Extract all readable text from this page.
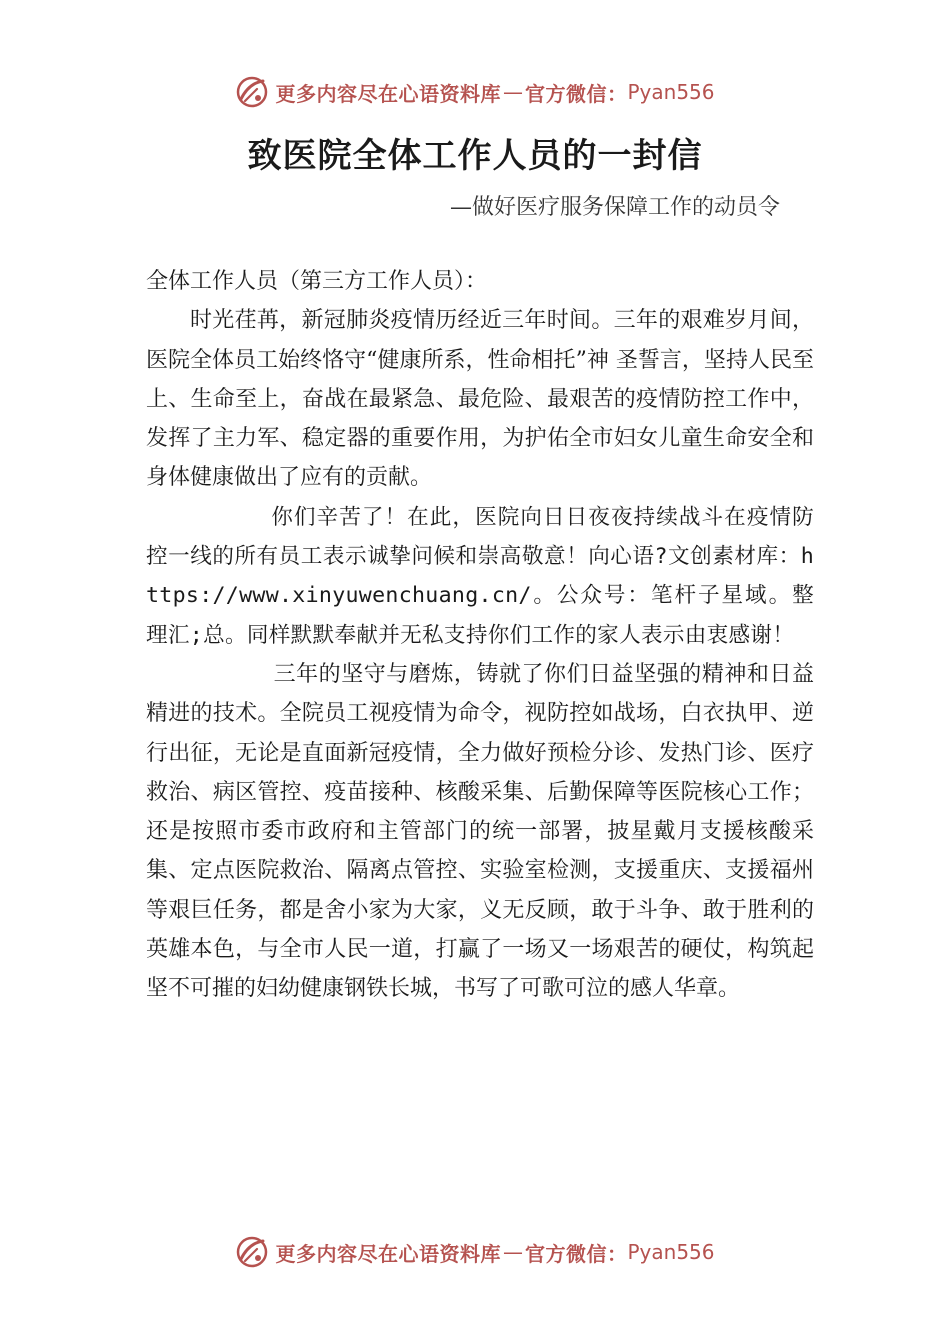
更多内容尽在心语资料库 — 官方微信： Pyan556
致医院全体工作人员的一封信
—做好医疗服务保障工作的动员令

全体工作人员（第三方工作人员）：

时光荏苒，新冠肺炎疫情历经近三年时间。三年的艰难岁月间，医院全体员工始终恪守“健康所系，性命相托”神 圣誓言，坚持人民至上、生命至上，奋战在最紧急、最危险、最艰苦的疫情防控工作中，发挥了主力军、稳定器的重要作用，为护佑全市妇女儿童生命安全和身体健康做出了应有的贡献。

你们辛苦了！在此，医院向日日夜夜持续战斗在疫情防控一线的所有员工表示诚挚问候和崇高敬意！向心语?文创素材库：https://www.xinyuwenchuang.cn/。公众号：笔杆子星域。整理汇;总。同样默默奉献并无私支持你们工作的家人表示由衷感谢！

三年的坚守与磨炼，铸就了你们日益坚强的精神和日益精进的技术。全院员工视疫情为命令，视防控如战场，白衣执甲、逆行出征，无论是直面新冠疫情，全力做好预检分诊、发热门诊、医疗救治、病区管控、疫苗接种、核酸采集、后勤保障等医院核心工作；还是按照市委市政府和主管部门的统一部署，披星戴月支援核酸采集、定点医院救治、隔离点管控、实验室检测，支援重庆、支援福州等艰巨任务，都是舍小家为大家，义无反顾，敢于斗争、敢于胜利的英雄本色，与全市人民一道，打赢了一场又一场艰苦的硬仗，构筑起坚不可摧的妇幼健康钢铁长城，书写了可歌可泣的感人华章。

更多内容尽在心语资料库 — 官方微信： Pyan556
